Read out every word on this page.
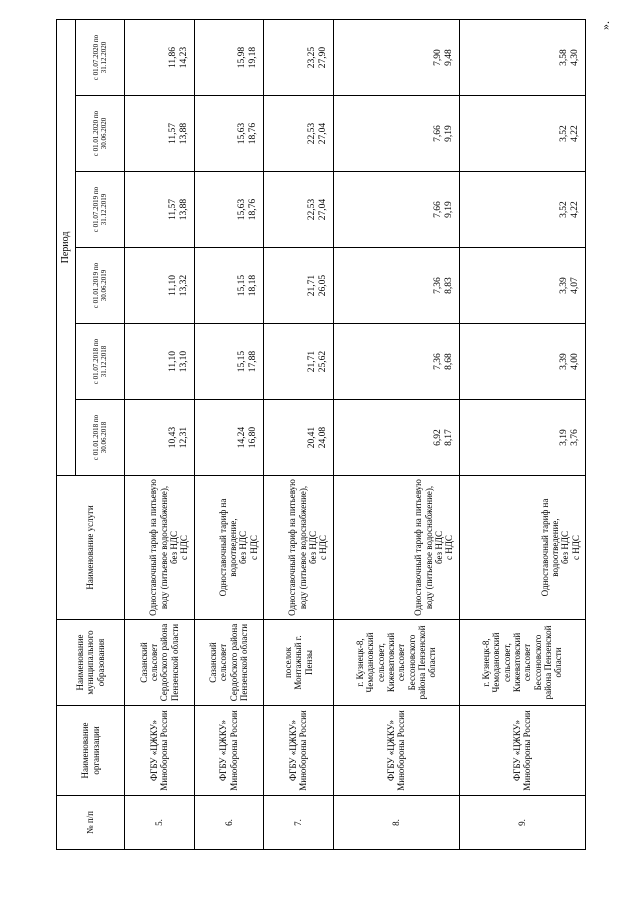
№ п/п	Наименование организации	Наименование муниципального образования	Наименование услуги	Период					
				с 01.01.2018 по 30.06.2018	с 01.07.2018 по 31.12.2018	с 01.01.2019 по 30.06.2019	с 01.07.2019 по 31.12.2019	с 01.01.2020 по 30.06.2020	с 01.07.2020 по 31.12.2020
5.	ФГБУ «ЦЖКУ» Минобороны России	Сазанский сельсовет Сердобского района Пензенской области	Одноставочный тариф на питьевую воду (питьевое водоснабжение), без НДС с НДС	10,43 12,31	11,10 13,10	11,10 13,32	11,57 13,88	11,57 13,88	11,86 14,23

6.	ФГБУ «ЦЖКУ» Минобороны России	Сазанский сельсовет Сердобского района Пензенской области	Одноставочный тариф на водоотведение, без НДС с НДС	14,24 16,80	15,15 17,88	15,15 18,18	15,63 18,76	15,63 18,76	15,98 19,18

7.	ФГБУ «ЦЖКУ» Минобороны России	поселок Монтажный г. Пензы	Одноставочный тариф на питьевую воду (питьевое водоснабжение), без НДС с НДС	20,41 24,08	21,71 25,62	21,71 26,05	22,53 27,04	22,53 27,04	23,25 27,90

8.	ФГБУ «ЦЖКУ» Минобороны России	г. Кузнецк-8, Чемодановский сельсовет, Кижеватовский сельсовет Бессоновского района Пензенской области	Одноставочный тариф на питьевую воду (питьевое водоснабжение), без НДС с НДС	6,92 8,17	7,36 8,68	7,36 8,83	7,66 9,19	7,66 9,19	7,90 9,48

9.	ФГБУ «ЦЖКУ» Минобороны России	г. Кузнецк-8, Чемодановский сельсовет, Кижеватовский сельсовет Бессоновского района Пензенской области	Одноставочный тариф на водоотведение, без НДС с НДС	3,19 3,76	3,39 4,00	3,39 4,07	3,52 4,22	3,52 4,22	3,58 4,30
».
